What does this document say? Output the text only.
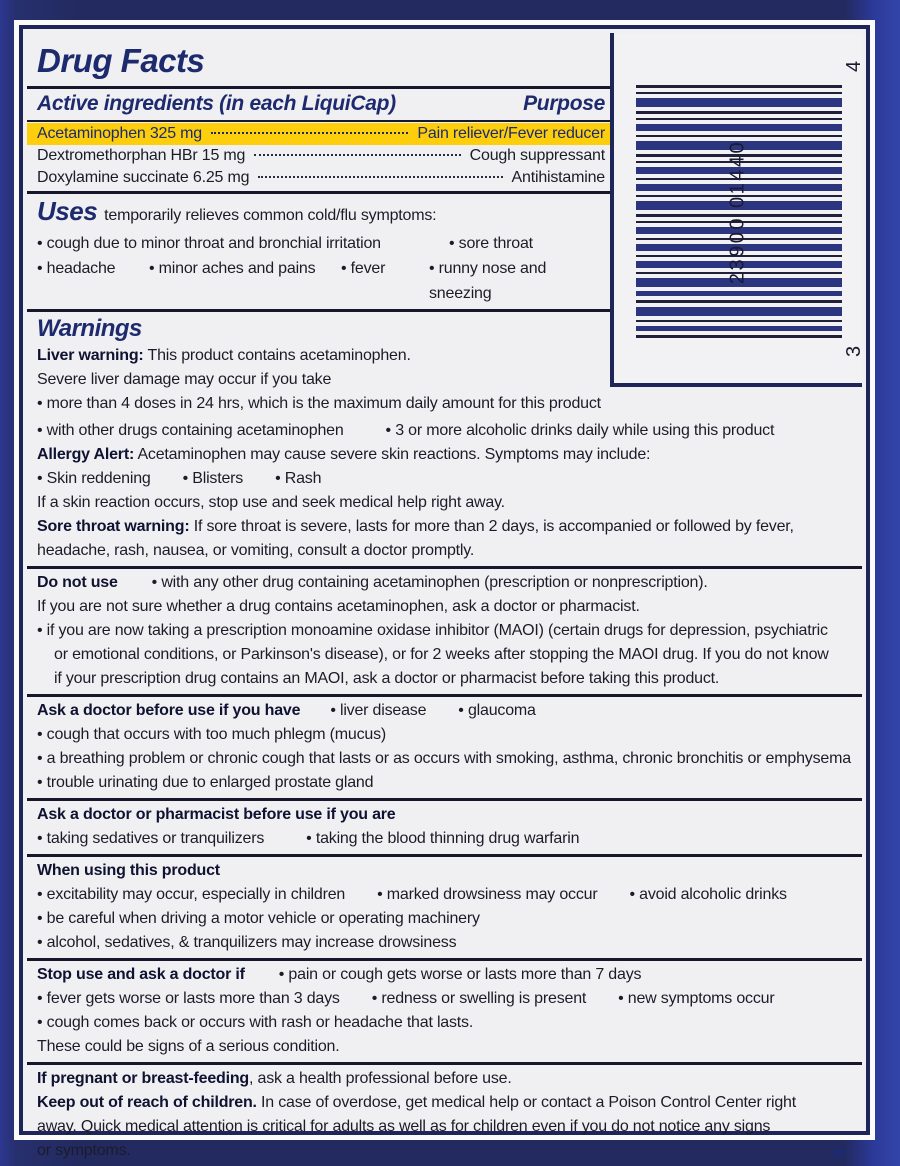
Drug Facts
Active ingredients (in each LiquiCap)	Purpose
Acetaminophen 325 mg	Pain reliever/Fever reducer
Dextromethorphan HBr 15 mg	Cough suppressant
Doxylamine succinate 6.25 mg	Antihistamine
Uses temporarily relieves common cold/flu symptoms:
• cough due to minor throat and bronchial irritation	• sore throat
• headache	• minor aches and pains	• fever	• runny nose and sneezing
Warnings
Liver warning: This product contains acetaminophen.
Severe liver damage may occur if you take
• more than 4 doses in 24 hrs, which is the maximum daily amount for this product
• with other drugs containing acetaminophen	• 3 or more alcoholic drinks daily while using this product
Allergy Alert: Acetaminophen may cause severe skin reactions. Symptoms may include:
• Skin reddening • Blisters • Rash
If a skin reaction occurs, stop use and seek medical help right away.
Sore throat warning: If sore throat is severe, lasts for more than 2 days, is accompanied or followed by fever,
headache, rash, nausea, or vomiting, consult a doctor promptly.
Do not use • with any other drug containing acetaminophen (prescription or nonprescription).
If you are not sure whether a drug contains acetaminophen, ask a doctor or pharmacist.
• if you are now taking a prescription monoamine oxidase inhibitor (MAOI) (certain drugs for depression, psychiatric
or emotional conditions, or Parkinson's disease), or for 2 weeks after stopping the MAOI drug. If you do not know
if your prescription drug contains an MAOI, ask a doctor or pharmacist before taking this product.
Ask a doctor before use if you have • liver disease • glaucoma
• cough that occurs with too much phlegm (mucus)
• a breathing problem or chronic cough that lasts or as occurs with smoking, asthma, chronic bronchitis or emphysema
• trouble urinating due to enlarged prostate gland
Ask a doctor or pharmacist before use if you are
• taking sedatives or tranquilizers	• taking the blood thinning drug warfarin
When using this product
• excitability may occur, especially in children • marked drowsiness may occur • avoid alcoholic drinks
• be careful when driving a motor vehicle or operating machinery
• alcohol, sedatives, & tranquilizers may increase drowsiness
Stop use and ask a doctor if • pain or cough gets worse or lasts more than 7 days
• fever gets worse or lasts more than 3 days • redness or swelling is present • new symptoms occur
• cough comes back or occurs with rash or headache that lasts.
These could be signs of a serious condition.
If pregnant or breast-feeding, ask a health professional before use.
Keep out of reach of children. In case of overdose, get medical help or contact a Poison Control Center right
away. Quick medical attention is critical for adults as well as for children even if you do not notice any signs
or symptoms.	▶
4
3
23900 01440
